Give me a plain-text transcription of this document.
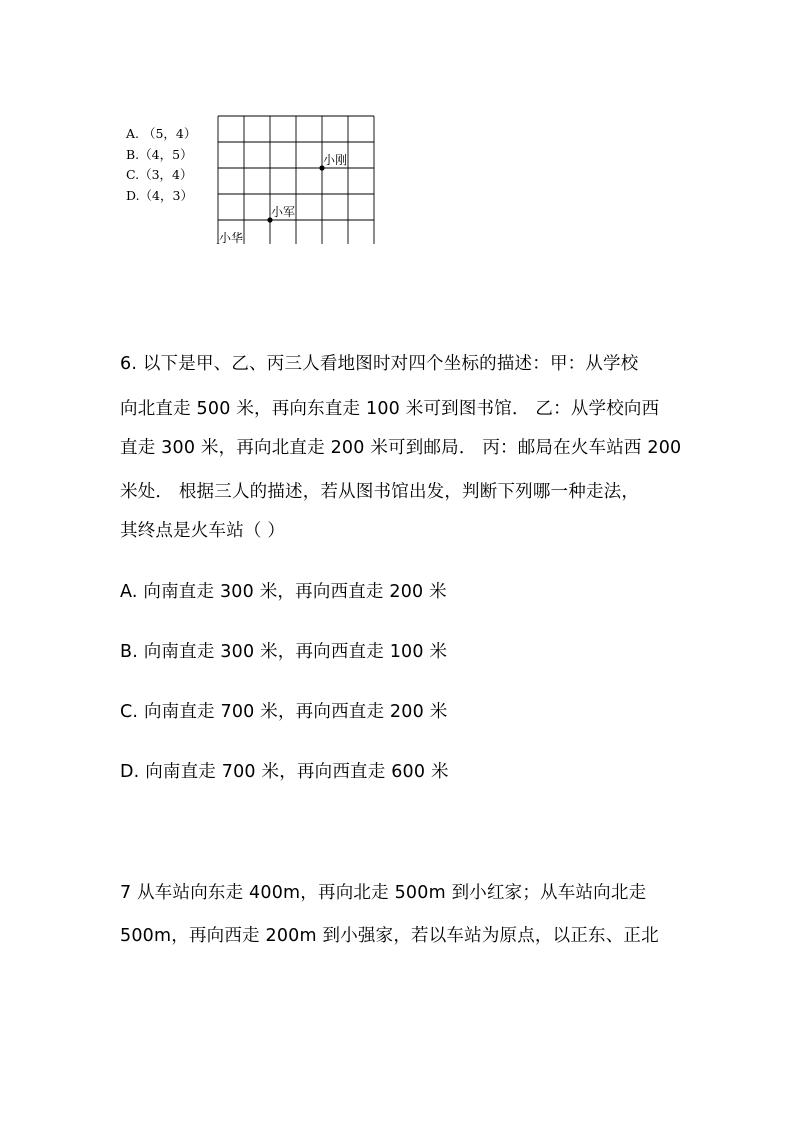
A. （5，4）
B.（4，5）
C.（3，4）
D.（4，3）
小刚
小军
小华
6. 以下是甲、乙、丙三人看地图时对四个坐标的描述：甲：从学校
向北直走 500 米，再向东直走 100 米可到图书馆． 乙：从学校向西
直走 300 米，再向北直走 200 米可到邮局． 丙：邮局在火车站西 200
米处． 根据三人的描述，若从图书馆出发，判断下列哪一种走法，
其终点是火车站（ ）
A. 向南直走 300 米，再向西直走 200 米
B. 向南直走 300 米，再向西直走 100 米
C. 向南直走 700 米，再向西直走 200 米
D. 向南直走 700 米，再向西直走 600 米
7 从车站向东走 400m，再向北走 500m 到小红家；从车站向北走
500m，再向西走 200m 到小强家，若以车站为原点，以正东、正北
